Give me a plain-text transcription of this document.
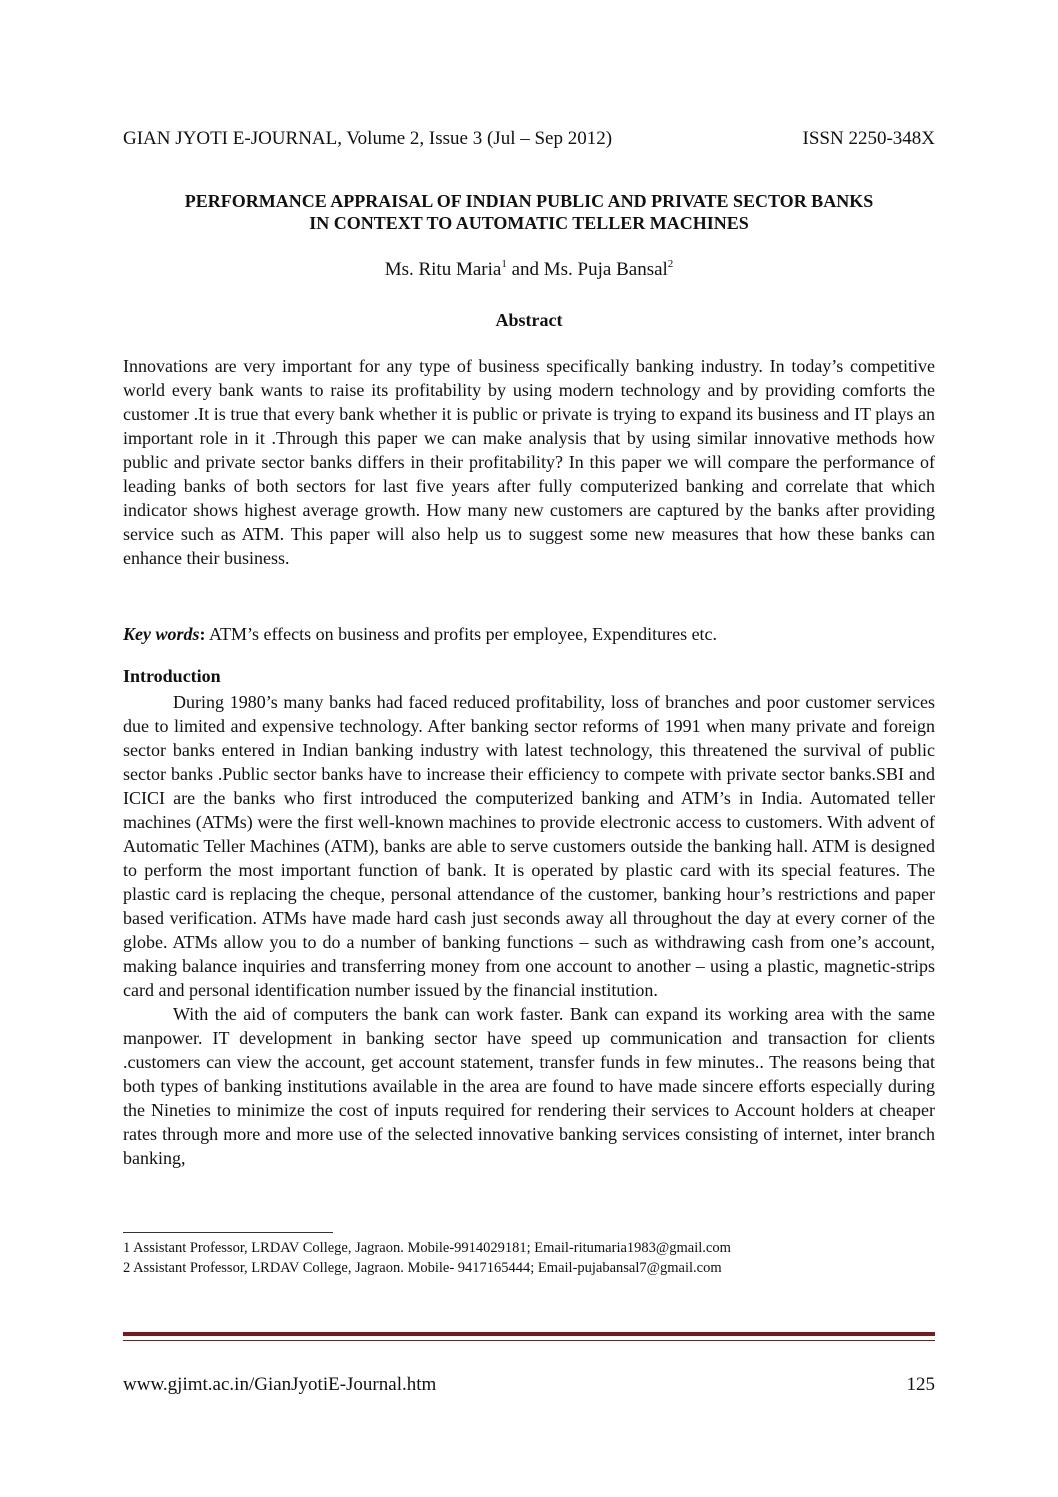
GIAN JYOTI E-JOURNAL, Volume 2, Issue 3 (Jul – Sep 2012)	ISSN 2250-348X
PERFORMANCE APPRAISAL OF INDIAN PUBLIC AND PRIVATE SECTOR BANKS
IN CONTEXT TO AUTOMATIC TELLER MACHINES
Ms. Ritu Maria$^1$ and Ms. Puja Bansal$^2$
Abstract
Innovations are very important for any type of business specifically banking industry. In today’s competitive world every bank wants to raise its profitability by using modern technology and by providing comforts the customer .It is true that every bank whether it is public or private is trying to expand its business and IT plays an important role in it .Through this paper we can make analysis that by using similar innovative methods how public and private sector banks differs in their profitability? In this paper we will compare the performance of leading banks of both sectors for last five years after fully computerized banking and correlate that which indicator shows highest average growth. How many new customers are captured by the banks after providing service such as ATM. This paper will also help us to suggest some new measures that how these banks can enhance their business.
Key words: ATM’s effects on business and profits per employee, Expenditures etc.
Introduction

During 1980’s many banks had faced reduced profitability, loss of branches and poor customer services due to limited and expensive technology. After banking sector reforms of 1991 when many private and foreign sector banks entered in Indian banking industry with latest technology, this threatened the survival of public sector banks .Public sector banks have to increase their efficiency to compete with private sector banks.SBI and ICICI are the banks who first introduced the computerized banking and ATM’s in India. Automated teller machines (ATMs) were the first well-known machines to provide electronic access to customers. With advent of Automatic Teller Machines (ATM), banks are able to serve customers outside the banking hall. ATM is designed to perform the most important function of bank. It is operated by plastic card with its special features. The plastic card is replacing the cheque, personal attendance of the customer, banking hour’s restrictions and paper based verification. ATMs have made hard cash just seconds away all throughout the day at every corner of the globe. ATMs allow you to do a number of banking functions – such as withdrawing cash from one’s account, making balance inquiries and transferring money from one account to another – using a plastic, magnetic-strips card and personal identification number issued by the financial institution.

With the aid of computers the bank can work faster. Bank can expand its working area with the same manpower. IT development in banking sector have speed up communication and transaction for clients .customers can view the account, get account statement, transfer funds in few minutes.. The reasons being that both types of banking institutions available in the area are found to have made sincere efforts especially during the Nineties to minimize the cost of inputs required for rendering their services to Account holders at cheaper rates through more and more use of the selected innovative banking services consisting of internet, inter branch banking,

1 Assistant Professor, LRDAV College, Jagraon. Mobile-9914029181; Email-ritumaria1983@gmail.com
2 Assistant Professor, LRDAV College, Jagraon. Mobile- 9417165444; Email-pujabansal7@gmail.com
www.gjimt.ac.in/GianJyotiE-Journal.htm	125
